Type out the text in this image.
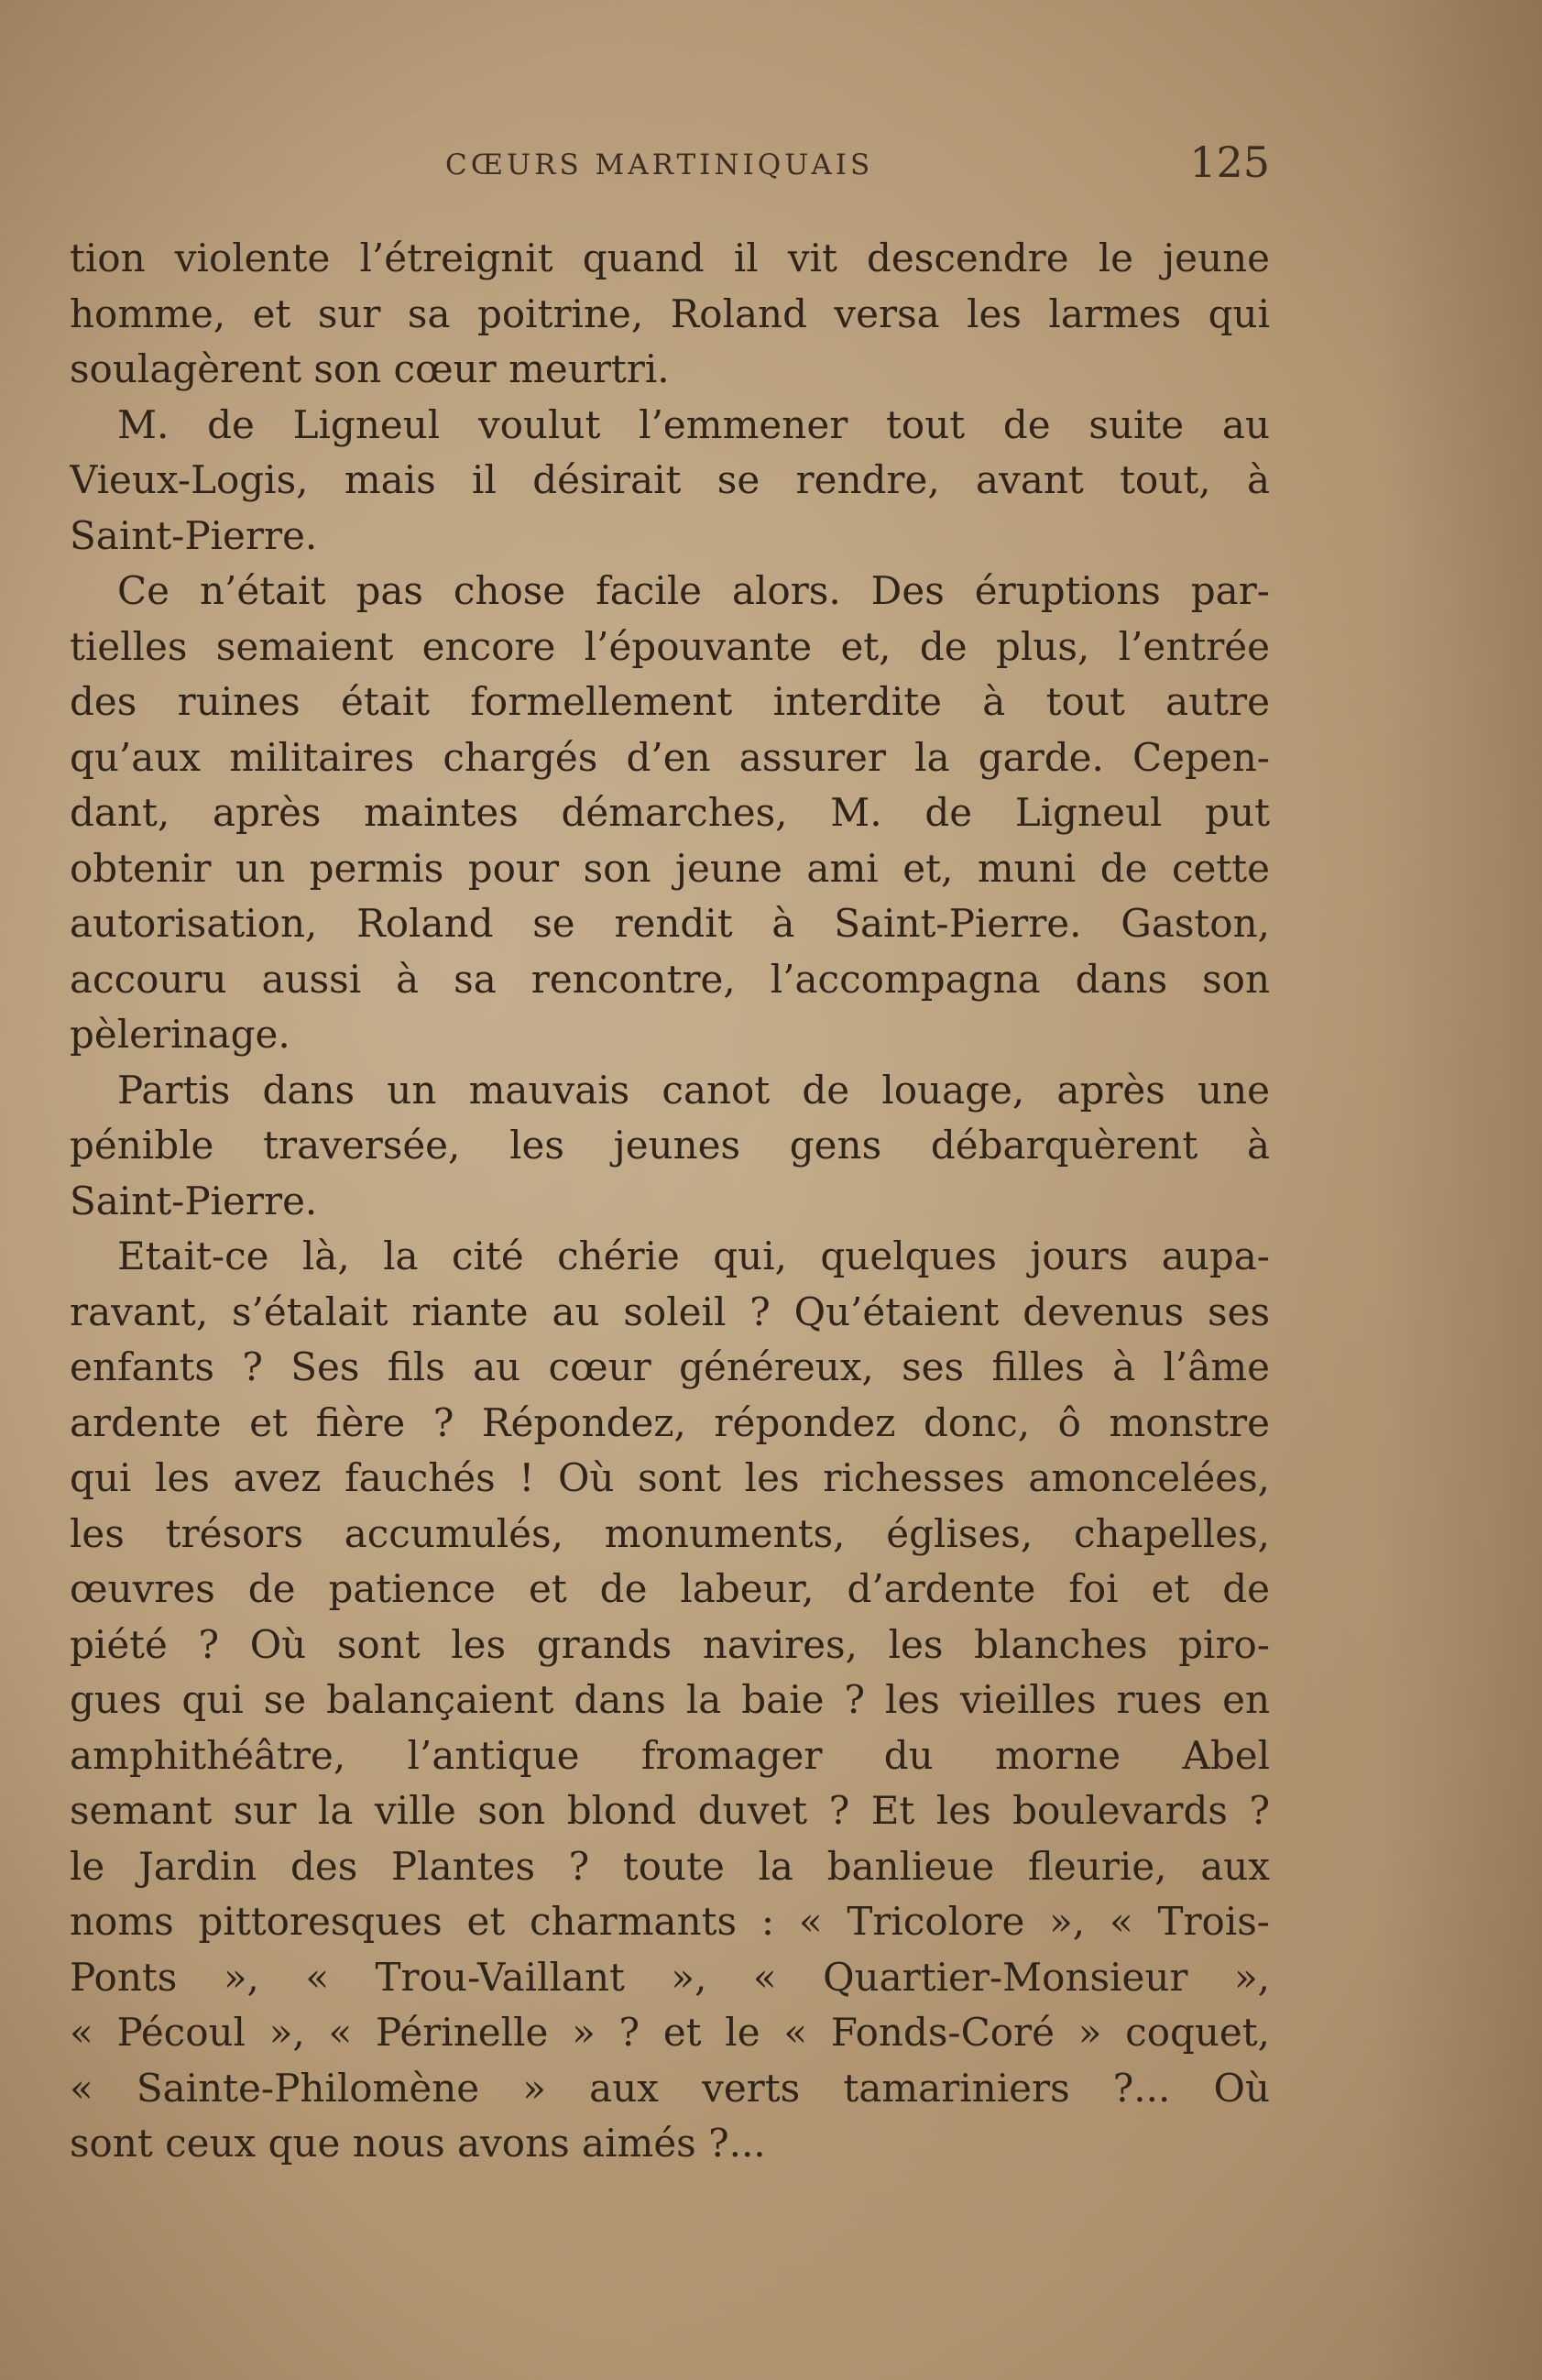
CŒURS MARTINIQUAIS	125
tion violente l’étreignit quand il vit descendre le jeune
homme, et sur sa poitrine, Roland versa les larmes qui
soulagèrent son cœur meurtri.
M. de Ligneul voulut l’emmener tout de suite au
Vieux-Logis, mais il désirait se rendre, avant tout, à
Saint-Pierre.
Ce n’était pas chose facile alors. Des éruptions par-
tielles semaient encore l’épouvante et, de plus, l’entrée
des ruines était formellement interdite à tout autre
qu’aux militaires chargés d’en assurer la garde. Cepen-
dant, après maintes démarches, M. de Ligneul put
obtenir un permis pour son jeune ami et, muni de cette
autorisation, Roland se rendit à Saint-Pierre. Gaston,
accouru aussi à sa rencontre, l’accompagna dans son
pèlerinage.
Partis dans un mauvais canot de louage, après une
pénible traversée, les jeunes gens débarquèrent à
Saint-Pierre.
Etait-ce là, la cité chérie qui, quelques jours aupa-
ravant, s’étalait riante au soleil ? Qu’étaient devenus ses
enfants ? Ses fils au cœur généreux, ses filles à l’âme
ardente et fière ? Répondez, répondez donc, ô monstre
qui les avez fauchés ! Où sont les richesses amoncelées,
les trésors accumulés, monuments, églises, chapelles,
œuvres de patience et de labeur, d’ardente foi et de
piété ? Où sont les grands navires, les blanches piro-
gues qui se balançaient dans la baie ? les vieilles rues en
amphithéâtre, l’antique fromager du morne Abel
semant sur la ville son blond duvet ? Et les boulevards ?
le Jardin des Plantes ? toute la banlieue fleurie, aux
noms pittoresques et charmants : « Tricolore », « Trois-
Ponts », « Trou-Vaillant », « Quartier-Monsieur »,
« Pécoul », « Périnelle » ? et le « Fonds-Coré » coquet,
« Sainte-Philomène » aux verts tamariniers ?... Où
sont ceux que nous avons aimés ?...
